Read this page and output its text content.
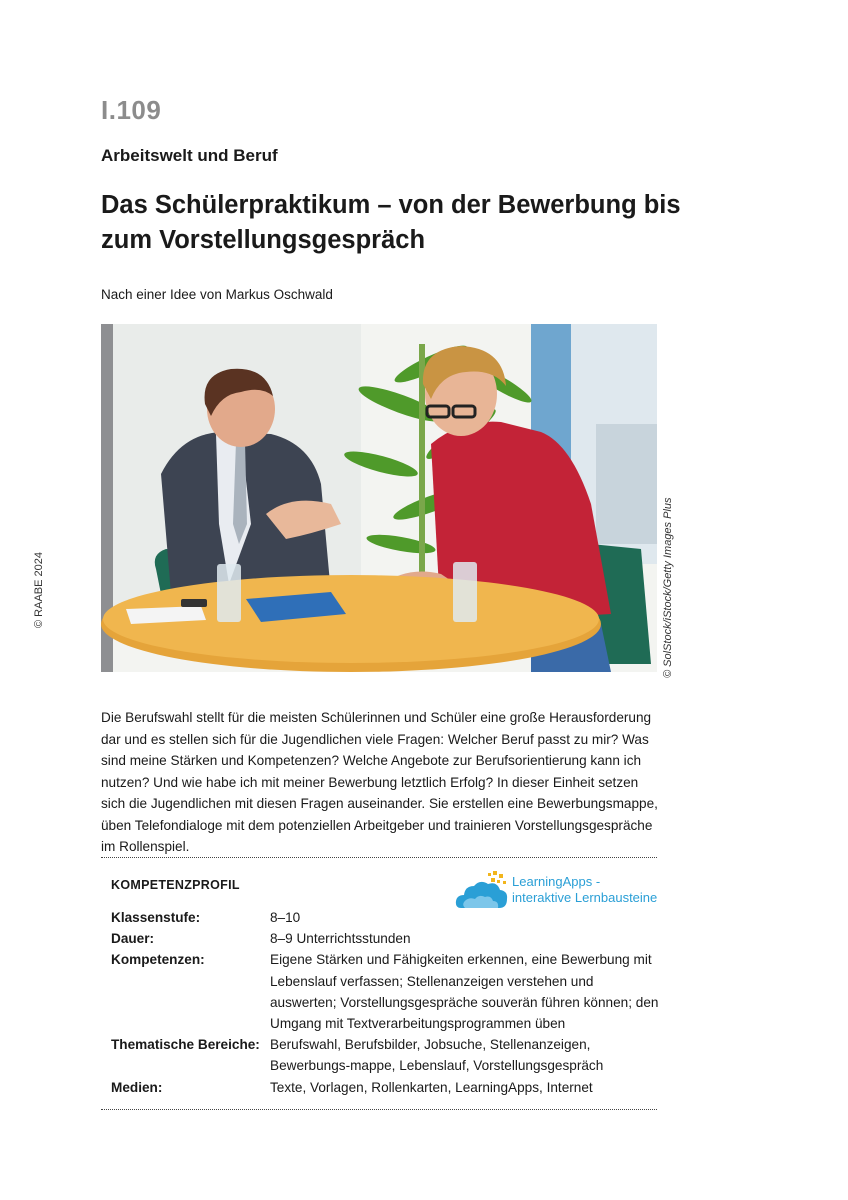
I.109
Arbeitswelt und Beruf
Das Schülerpraktikum – von der Bewerbung bis zum Vorstellungsgespräch
Nach einer Idee von Markus Oschwald
© RAABE 2024	© SolStock/iStock/Getty Images Plus

Die Berufswahl stellt für die meisten Schülerinnen und Schüler eine große Herausforderung dar und es stellen sich für die Jugendlichen viele Fragen: Welcher Beruf passt zu mir? Was sind meine Stärken und Kompetenzen? Welche Angebote zur Berufsorientierung kann ich nutzen? Und wie habe ich mit meiner Bewerbung letztlich Erfolg? In dieser Einheit setzen sich die Jugendlichen mit diesen Fragen auseinander. Sie erstellen eine Bewerbungsmappe, üben Telefondialoge mit dem potenziellen Arbeitgeber und trainieren Vorstellungsgespräche im Rollenspiel.

KOMPETENZPROFIL	LearningApps -
interaktive Lernbausteine
Klassenstufe:	8–10
Dauer:	8–9 Unterrichtsstunden
Kompetenzen:	Eigene Stärken und Fähigkeiten erkennen, eine Bewerbung mit Lebenslauf verfassen; Stellenanzeigen verstehen und auswerten; Vorstellungsgespräche souverän führen können; den Umgang mit Textverarbeitungsprogrammen üben
Thematische Bereiche: Berufswahl, Berufsbilder, Jobsuche, Stellenanzeigen, Bewerbungs-mappe, Lebenslauf, Vorstellungsgespräch
Medien:	Texte, Vorlagen, Rollenkarten, LearningApps, Internet
